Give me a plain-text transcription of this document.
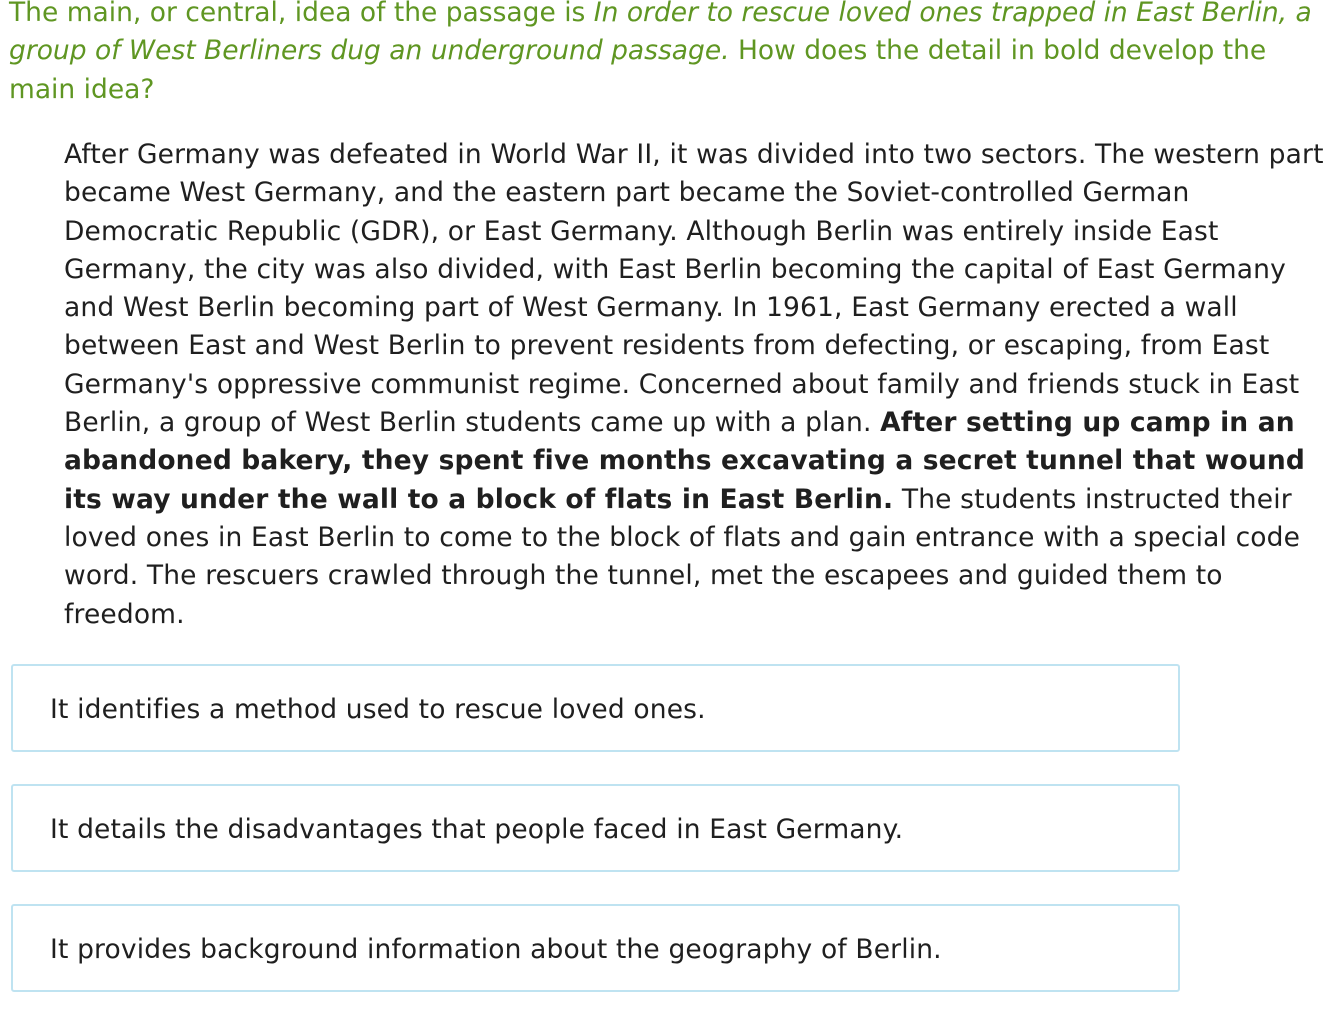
The main, or central, idea of the passage is In order to rescue loved ones trapped in East Berlin, a group of West Berliners dug an underground passage. How does the detail in bold develop the main idea?
After Germany was defeated in World War II, it was divided into two sectors. The western part became West Germany, and the eastern part became the Soviet-controlled German Democratic Republic (GDR), or East Germany. Although Berlin was entirely inside East Germany, the city was also divided, with East Berlin becoming the capital of East Germany and West Berlin becoming part of West Germany. In 1961, East Germany erected a wall between East and West Berlin to prevent residents from defecting, or escaping, from East Germany's oppressive communist regime. Concerned about family and friends stuck in East Berlin, a group of West Berlin students came up with a plan. After setting up camp in an abandoned bakery, they spent five months excavating a secret tunnel that wound its way under the wall to a block of flats in East Berlin. The students instructed their loved ones in East Berlin to come to the block of flats and gain entrance with a special code word. The rescuers crawled through the tunnel, met the escapees and guided them to freedom.
It identifies a method used to rescue loved ones.
It details the disadvantages that people faced in East Germany.
It provides background information about the geography of Berlin.
